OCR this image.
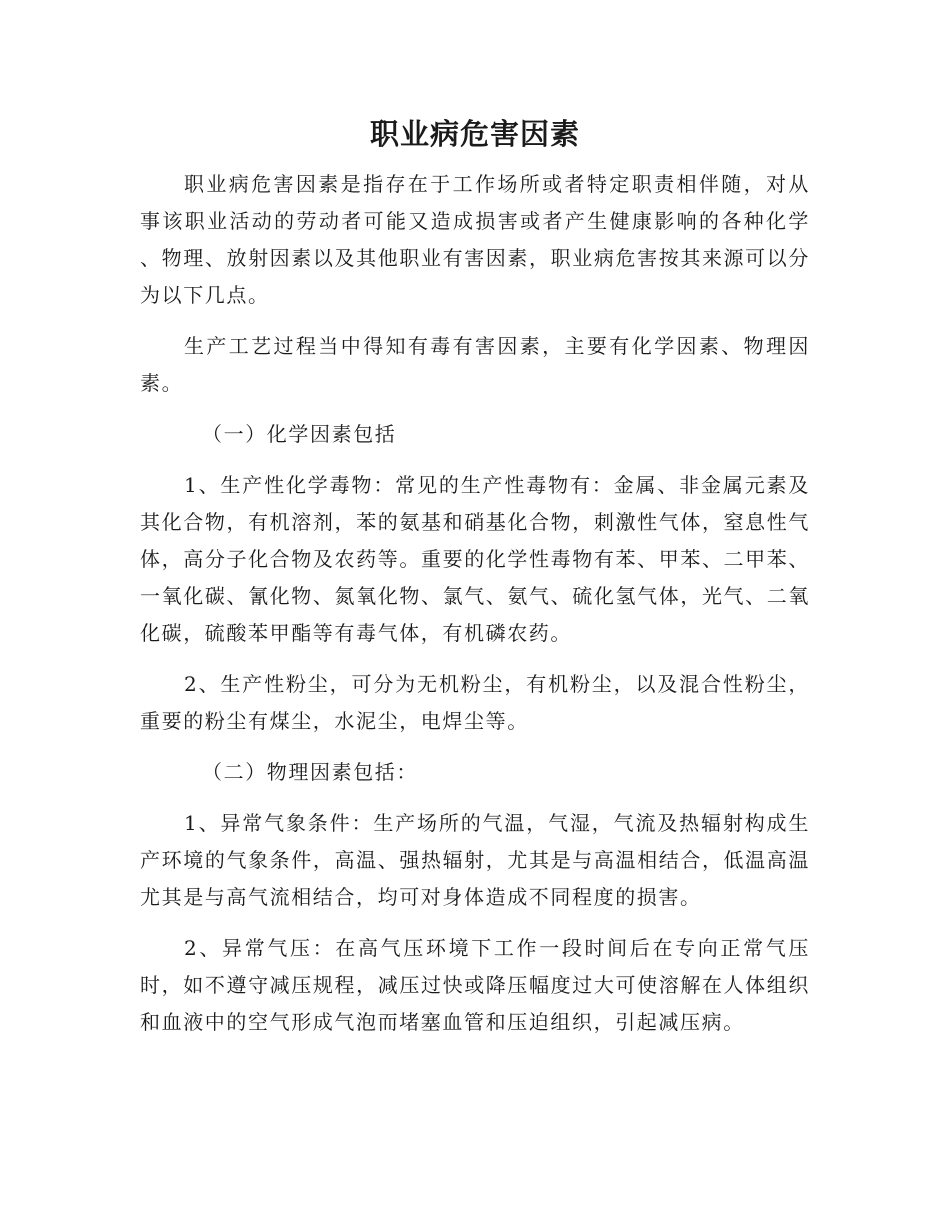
职业病危害因素

职业病危害因素是指存在于工作场所或者特定职责相伴随，对从事该职业活动的劳动者可能又造成损害或者产生健康影响的各种化学 、物理、放射因素以及其他职业有害因素，职业病危害按其来源可以分为以下几点。

生产工艺过程当中得知有毒有害因素，主要有化学因素、物理因素。

（一）化学因素包括

1、生产性化学毒物：常见的生产性毒物有：金属、非金属元素及其化合物，有机溶剂，苯的氨基和硝基化合物，刺激性气体，窒息性气体，高分子化合物及农药等。重要的化学性毒物有苯、甲苯、二甲苯、一氧化碳、氰化物、氮氧化物、氯气、氨气、硫化氢气体，光气、二氧化碳，硫酸苯甲酯等有毒气体，有机磷农药。

2、生产性粉尘，可分为无机粉尘，有机粉尘，以及混合性粉尘，重要的粉尘有煤尘，水泥尘，电焊尘等。

（二）物理因素包括：

1、异常气象条件：生产场所的气温，气湿，气流及热辐射构成生产环境的气象条件，高温、强热辐射，尤其是与高温相结合，低温高温尤其是与高气流相结合，均可对身体造成不同程度的损害。

2、异常气压：在高气压环境下工作一段时间后在专向正常气压时，如不遵守减压规程，减压过快或降压幅度过大可使溶解在人体组织和血液中的空气形成气泡而堵塞血管和压迫组织，引起减压病。
